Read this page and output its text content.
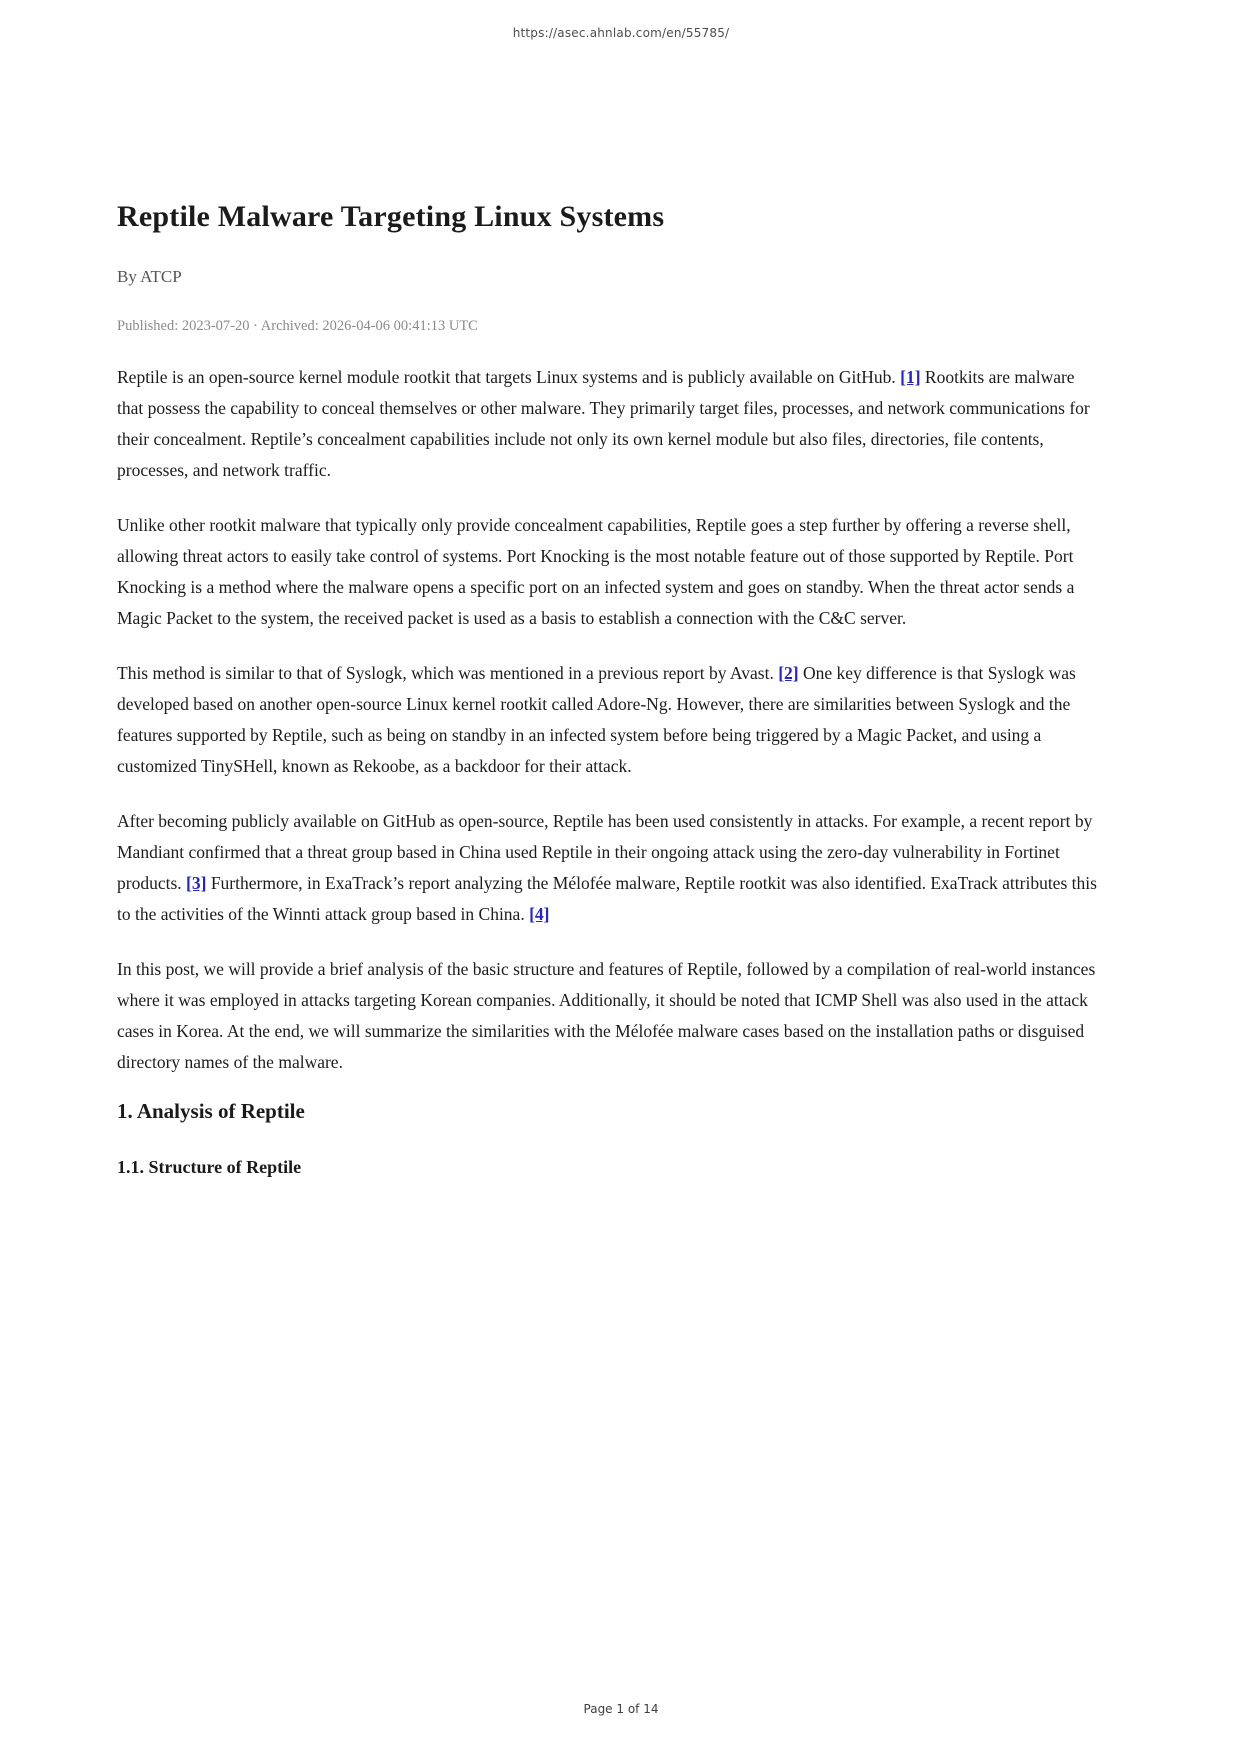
https://asec.ahnlab.com/en/55785/
Reptile Malware Targeting Linux Systems
By ATCP
Published: 2023-07-20 · Archived: 2026-04-06 00:41:13 UTC

Reptile is an open-source kernel module rootkit that targets Linux systems and is publicly available on GitHub. [1] Rootkits are malware that possess the capability to conceal themselves or other malware. They primarily target files, processes, and network communications for their concealment. Reptile’s concealment capabilities include not only its own kernel module but also files, directories, file contents, processes, and network traffic.

Unlike other rootkit malware that typically only provide concealment capabilities, Reptile goes a step further by offering a reverse shell, allowing threat actors to easily take control of systems. Port Knocking is the most notable feature out of those supported by Reptile. Port Knocking is a method where the malware opens a specific port on an infected system and goes on standby. When the threat actor sends a Magic Packet to the system, the received packet is used as a basis to establish a connection with the C&C server.

This method is similar to that of Syslogk, which was mentioned in a previous report by Avast. [2] One key difference is that Syslogk was developed based on another open-source Linux kernel rootkit called Adore-Ng. However, there are similarities between Syslogk and the features supported by Reptile, such as being on standby in an infected system before being triggered by a Magic Packet, and using a customized TinySHell, known as Rekoobe, as a backdoor for their attack.

After becoming publicly available on GitHub as open-source, Reptile has been used consistently in attacks. For example, a recent report by Mandiant confirmed that a threat group based in China used Reptile in their ongoing attack using the zero-day vulnerability in Fortinet products. [3] Furthermore, in ExaTrack’s report analyzing the Mélofée malware, Reptile rootkit was also identified. ExaTrack attributes this to the activities of the Winnti attack group based in China. [4]

In this post, we will provide a brief analysis of the basic structure and features of Reptile, followed by a compilation of real-world instances where it was employed in attacks targeting Korean companies. Additionally, it should be noted that ICMP Shell was also used in the attack cases in Korea. At the end, we will summarize the similarities with the Mélofée malware cases based on the installation paths or disguised directory names of the malware.

1. Analysis of Reptile
1.1. Structure of Reptile
Page 1 of 14
